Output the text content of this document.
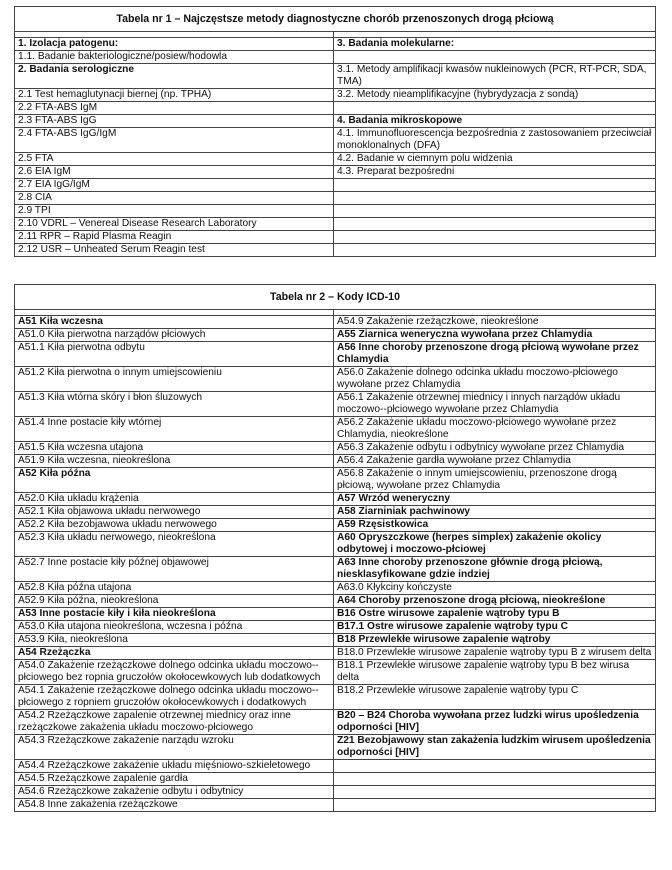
Tabela nr 1 – Najczęstsze metody diagnostyczne chorób przenoszonych drogą płciową	

1. Izolacja patogenu:	3. Badania molekularne:
1.1. Badanie bakteriologiczne/posiew/hodowla	
2. Badania serologiczne	3.1. Metody amplifikacji kwasów nukleinowych (PCR, RT-PCR, SDA, TMA)
2.1 Test hemaglutynacji biernej (np. TPHA)	3.2. Metody nieamplifikacyjne (hybrydyzacja z sondą)
2.2 FTA-ABS IgM	
2.3 FTA-ABS IgG	4. Badania mikroskopowe
2.4 FTA-ABS IgG/IgM	4.1. Immunofluorescencja bezpośrednia z zastosowaniem przeciwciał monoklonalnych (DFA)
2.5 FTA	4.2. Badanie w ciemnym polu widzenia
2.6 EIA IgM	4.3. Preparat bezpośredni
2.7 EIA IgG/IgM	
2.8 CIA	
2.9 TPI	
2.10 VDRL – Venereal Disease Research Laboratory	
2.11 RPR – Rapid Plasma Reagin	
2.12 USR – Unheated Serum Reagin test	
Tabela nr 2 – Kody ICD-10	

A51 Kiła wczesna	A54.9 Zakażenie rzeżączkowe, nieokreślone
A51.0 Kiła pierwotna narządów płciowych	A55 Ziarnica weneryczna wywołana przez Chlamydia
A51.1 Kiła pierwotna odbytu	A56 Inne choroby przenoszone drogą płciową wywołane przez Chlamydia
A51.2 Kiła pierwotna o innym umiejscowieniu	A56.0 Zakażenie dolnego odcinka układu moczowo-płciowego wywołane przez Chlamydia
A51.3 Kiła wtórna skóry i błon śluzowych	A56.1 Zakażenie otrzewnej miednicy i innych narządów układu moczowo--płciowego wywołane przez Chlamydia
A51.4 Inne postacie kiły wtórnej	A56.2 Zakażenie układu moczowo-płciowego wywołane przez Chlamydia, nieokreślone
A51.5 Kiła wczesna utajona	A56.3 Zakażenie odbytu i odbytnicy wywołane przez Chlamydia
A51.9 Kiła wczesna, nieokreślona	A56.4 Zakażenie gardła wywołane przez Chlamydia
A52 Kiła późna	A56.8 Zakażenie o innym umiejscowieniu, przenoszone drogą płciową, wywołane przez Chlamydia
A52.0 Kiła układu krążenia	A57 Wrzód weneryczny
A52.1 Kiła objawowa układu nerwowego	A58 Ziarniniak pachwinowy
A52.2 Kiła bezobjawowa układu nerwowego	A59 Rzęsistkowica
A52.3 Kiła układu nerwowego, nieokreślona	A60 Opryszczkowe (herpes simplex) zakażenie okolicy odbytowej i moczowo-płciowej
A52.7 Inne postacie kiły późnej objawowej	A63 Inne choroby przenoszone głównie drogą płciową, niesklasyfikowane gdzie indziej
A52.8 Kiła późna utajona	A63.0 Kłykciny kończyste
A52.9 Kiła późna, nieokreślona	A64 Choroby przenoszone drogą płciową, nieokreślone
A53 Inne postacie kiły i kiła nieokreślona	B16 Ostre wirusowe zapalenie wątroby typu B
A53.0 Kiła utajona nieokreślona, wczesna i późna	B17.1 Ostre wirusowe zapalenie wątroby typu C
A53.9 Kiła, nieokreślona	B18 Przewlekłe wirusowe zapalenie wątroby
A54 Rzeżączka	B18.0 Przewlekłe wirusowe zapalenie wątroby typu B z wirusem delta
A54.0 Zakażenie rzeżączkowe dolnego odcinka układu moczowo--płciowego bez ropnia gruczołów okołocewkowych lub dodatkowych	B18.1 Przewlekłe wirusowe zapalenie wątroby typu B bez wirusa delta
A54.1 Zakażenie rzeżączkowe dolnego odcinka układu moczowo--płciowego z ropniem gruczołów okołocewkowych i dodatkowych	B18.2 Przewlekłe wirusowe zapalenie wątroby typu C
A54.2 Rzeżączkowe zapalenie otrzewnej miednicy oraz inne rzeżączkowe zakażenia układu moczowo-płciowego	B20 – B24 Choroba wywołana przez ludzki wirus upośledzenia odporności [HIV]
A54.3 Rzeżączkowe zakażenie narządu wzroku	Z21 Bezobjawowy stan zakażenia ludzkim wirusem upośledzenia odporności [HIV]
A54.4 Rzeżączkowe zakażenie układu mięśniowo-szkieletowego	
A54.5 Rzeżączkowe zapalenie gardła	
A54.6 Rzeżączkowe zakażenie odbytu i odbytnicy	
A54.8 Inne zakażenia rzeżączkowe	
